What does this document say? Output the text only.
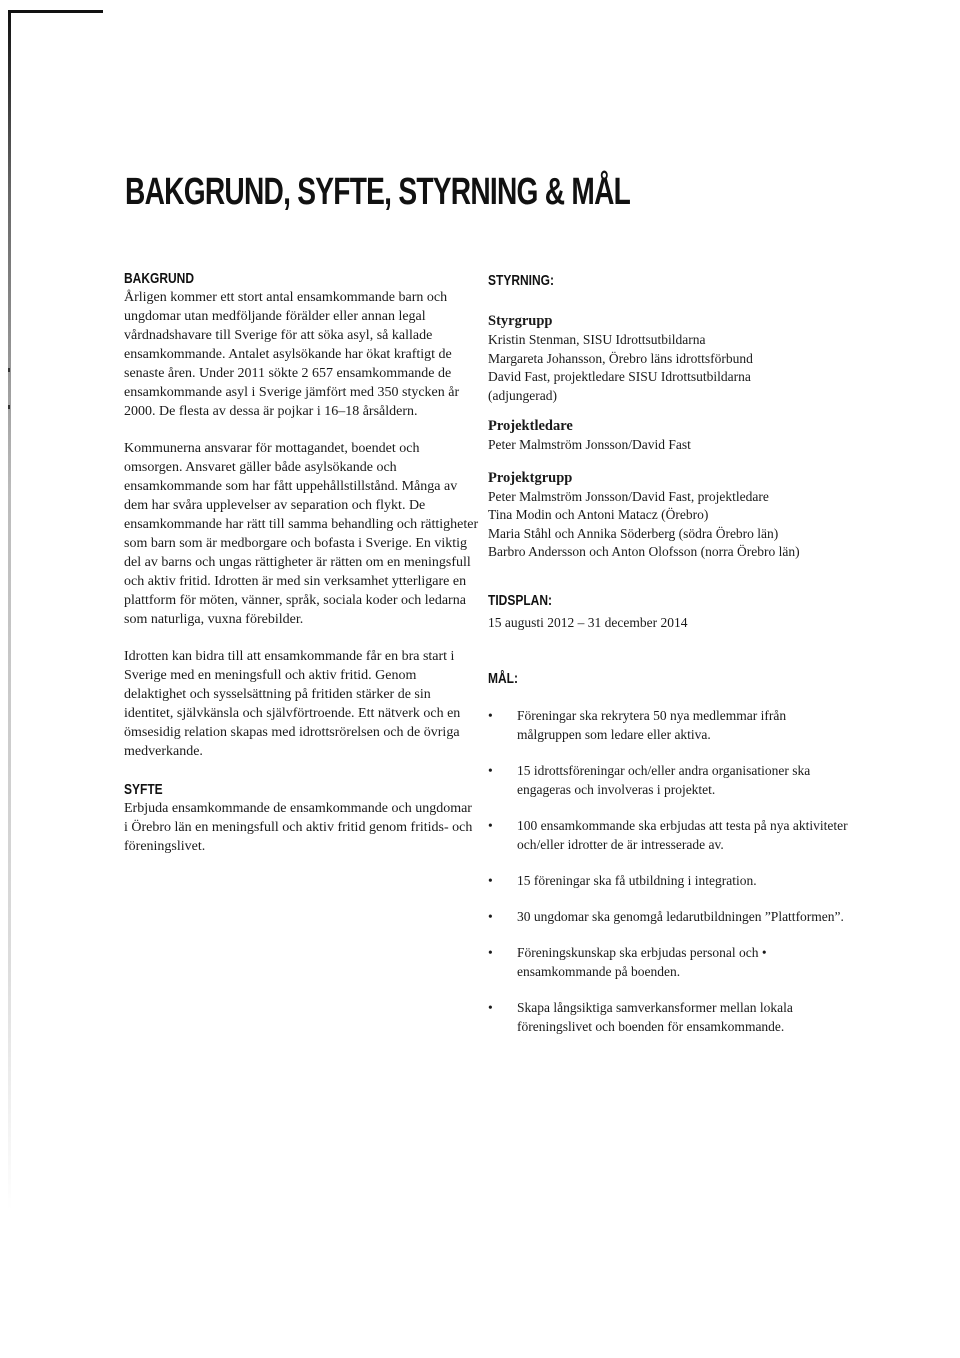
BAKGRUND, SYFTE, STYRNING & MÅL
BAKGRUND

Årligen kommer ett stort antal ensamkommande barn och ungdomar utan medföljande förälder eller annan legal vårdnadshavare till Sverige för att söka asyl, så kallade ensamkommande. Antalet asylsökande har ökat kraftigt de senaste åren. Under 2011 sökte 2 657 ensamkommande de ensamkommande asyl i Sverige jämfört med 350 stycken år 2000. De flesta av dessa är pojkar i 16–18 årsåldern.

Kommunerna ansvarar för mottagandet, boendet och omsorgen. Ansvaret gäller både asylsökande och ensamkommande som har fått uppehållstillstånd. Många av dem har svåra upplevelser av separation och flykt. De ensamkommande har rätt till samma behandling och rättigheter som barn som är medborgare och bofasta i Sverige. En viktig del av barns och ungas rättigheter är rätten om en meningsfull och aktiv fritid. Idrotten är med sin verksamhet ytterligare en plattform för möten, vänner, språk, sociala koder och ledarna som naturliga, vuxna förebilder.

Idrotten kan bidra till att ensamkommande får en bra start i Sverige med en meningsfull och aktiv fritid. Genom delaktighet och sysselsättning på fritiden stärker de sin identitet, självkänsla och självförtroende. Ett nätverk och en ömsesidig relation skapas med idrottsrörelsen och de övriga medverkande.

SYFTE

Erbjuda ensamkommande de ensamkommande och ungdomar i Örebro län en meningsfull och aktiv fritid genom fritids- och föreningslivet.

STYRNING:

Styrgrupp

Kristin Stenman, SISU Idrottsutbildarna

Margareta Johansson, Örebro läns idrottsförbund

David Fast, projektledare SISU Idrottsutbildarna

(adjungerad)

Projektledare

Peter Malmström Jonsson/David Fast

Projektgrupp

Peter Malmström Jonsson/David Fast, projektledare

Tina Modin och Antoni Matacz (Örebro)

Maria Ståhl och Annika Söderberg (södra Örebro län)

Barbro Andersson och Anton Olofsson (norra Örebro län)

TIDSPLAN:

15 augusti 2012 – 31 december 2014

MÅL:
• Föreningar ska rekrytera 50 nya medlemmar ifrån målgruppen som ledare eller aktiva.
• 15 idrottsföreningar och/eller andra organisationer ska engageras och involveras i projektet.
• 100 ensamkommande ska erbjudas att testa på nya aktiviteter och/eller idrotter de är intresserade av.
• 15 föreningar ska få utbildning i integration.
• 30 ungdomar ska genomgå ledarutbildningen ”Plattformen”.
• Föreningskunskap ska erbjudas personal och • ensamkommande på boenden.
• Skapa långsiktiga samverkansformer mellan lokala föreningslivet och boenden för ensamkommande.
